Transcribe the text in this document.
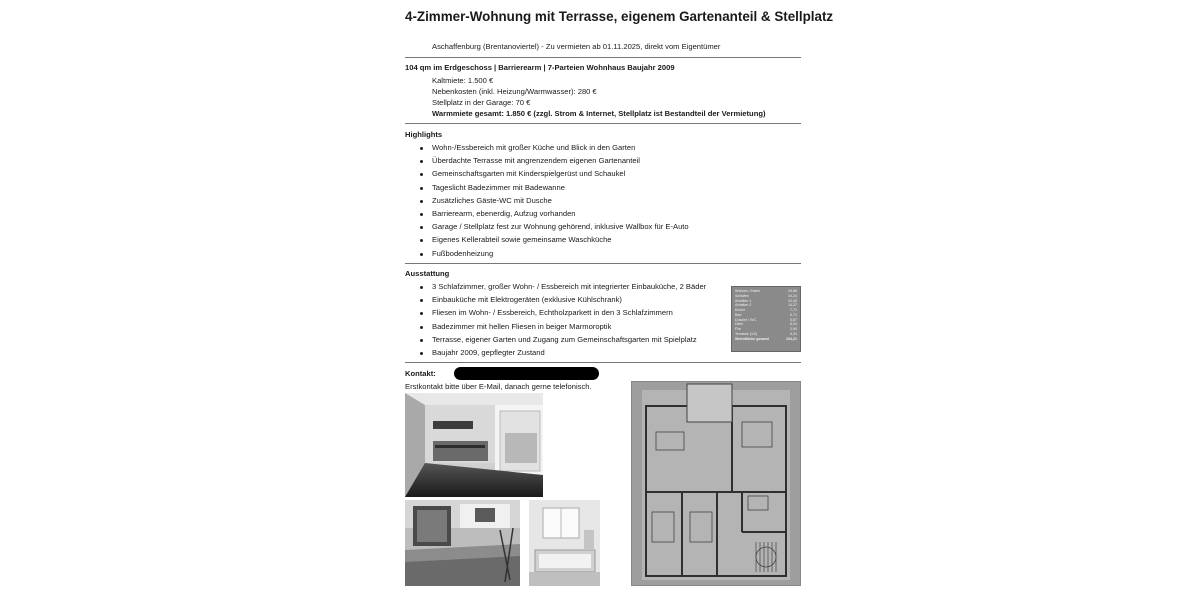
4-Zimmer-Wohnung mit Terrasse, eigenem Gartenanteil & Stellplatz
Aschaffenburg (Brentanoviertel) - Zu vermieten ab 01.11.2025, direkt vom Eigentümer
104 qm im Erdgeschoss | Barrierearm | 7-Parteien Wohnhaus Baujahr 2009
Kaltmiete: 1.500 €
Nebenkosten (inkl. Heizung/Warmwasser): 280 €
Stellplatz in der Garage: 70 €
Warmmiete gesamt: 1.850 € (zzgl. Strom & Internet, Stellplatz ist Bestandteil der Vermietung)
Highlights
Wohn-/Essbereich mit großer Küche und Blick in den Garten
Überdachte Terrasse mit angrenzendem eigenen Gartenanteil
Gemeinschaftsgarten mit Kinderspielgerüst und Schaukel
Tageslicht Badezimmer mit Badewanne
Zusätzliches Gäste-WC mit Dusche
Barrierearm, ebenerdig, Aufzug vorhanden
Garage / Stellplatz fest zur Wohnung gehörend, inklusive Wallbox für E-Auto
Eigenes Kellerabteil sowie gemeinsame Waschküche
Fußbodenheizung
Ausstattung
3 Schlafzimmer, großer Wohn- / Essbereich mit integrierter Einbauküche, 2 Bäder
Einbauküche mit Elektrogeräten (exklusive Kühlschrank)
Fliesen im Wohn- / Essbereich, Echtholzparkett in den 3 Schlafzimmern
Badezimmer mit hellen Fliesen in beiger Marmoroptik
Terrasse, eigener Garten und Zugang zum Gemeinschaftsgarten mit Spielplatz
Baujahr 2009, gepflegter Zustand
Wohnen, Essen	29,86
Schlafen	14,24
Arbeiten 1	12,40
Arbeiten 2	14,37
Küche	7,71
Bad	6,71
Dusche / WC	5,87
Diele	8,04
Flur	2,90
Terrasse (1/2)	5,31
Wohnfläche gesamt	104,21
Kontakt:
Erstkontakt bitte über E-Mail, danach gerne telefonisch.
